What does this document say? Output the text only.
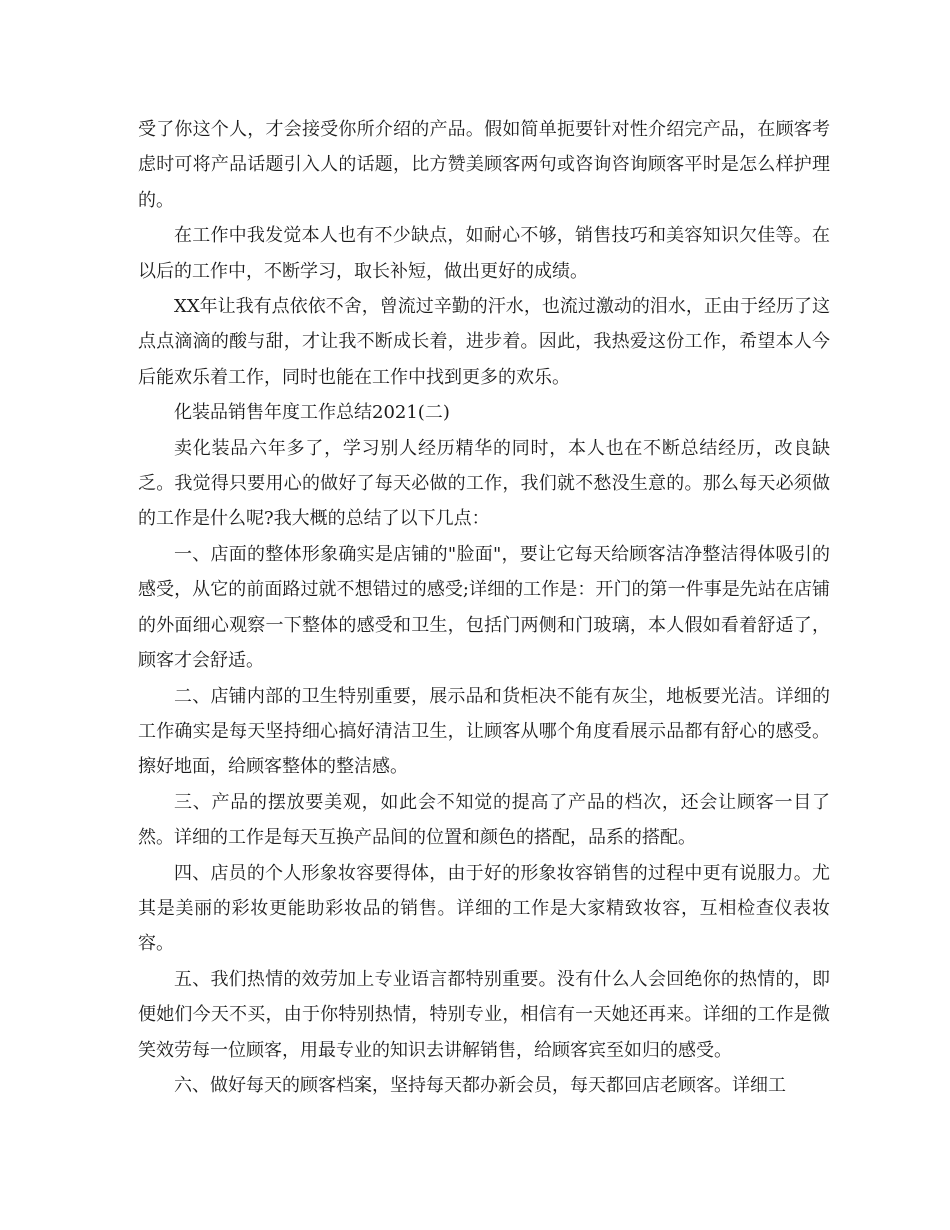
受了你这个人，才会接受你所介绍的产品。假如简单扼要针对性介绍完产品，在顾客考虑时可将产品话题引入人的话题，比方赞美顾客两句或咨询咨询顾客平时是怎么样护理的。

在工作中我发觉本人也有不少缺点，如耐心不够，销售技巧和美容知识欠佳等。在以后的工作中，不断学习，取长补短，做出更好的成绩。

XX年让我有点依依不舍，曾流过辛勤的汗水，也流过激动的泪水，正由于经历了这点点滴滴的酸与甜，才让我不断成长着，进步着。因此，我热爱这份工作，希望本人今后能欢乐着工作，同时也能在工作中找到更多的欢乐。

化装品销售年度工作总结2021(二)

卖化装品六年多了，学习别人经历精华的同时，本人也在不断总结经历，改良缺乏。我觉得只要用心的做好了每天必做的工作，我们就不愁没生意的。那么每天必须做的工作是什么呢?我大概的总结了以下几点：

一、店面的整体形象确实是店铺的"脸面"，要让它每天给顾客洁净整洁得体吸引的感受，从它的前面路过就不想错过的感受;详细的工作是：开门的第一件事是先站在店铺的外面细心观察一下整体的感受和卫生，包括门两侧和门玻璃，本人假如看着舒适了，顾客才会舒适。

二、店铺内部的卫生特别重要，展示品和货柜决不能有灰尘，地板要光洁。详细的工作确实是每天坚持细心搞好清洁卫生，让顾客从哪个角度看展示品都有舒心的感受。擦好地面，给顾客整体的整洁感。

三、产品的摆放要美观，如此会不知觉的提高了产品的档次，还会让顾客一目了然。详细的工作是每天互换产品间的位置和颜色的搭配，品系的搭配。

四、店员的个人形象妆容要得体，由于好的形象妆容销售的过程中更有说服力。尤其是美丽的彩妆更能助彩妆品的销售。详细的工作是大家精致妆容，互相检查仪表妆容。

五、我们热情的效劳加上专业语言都特别重要。没有什么人会回绝你的热情的，即便她们今天不买，由于你特别热情，特别专业，相信有一天她还再来。详细的工作是微笑效劳每一位顾客，用最专业的知识去讲解销售，给顾客宾至如归的感受。

六、做好每天的顾客档案，坚持每天都办新会员，每天都回店老顾客。详细工
